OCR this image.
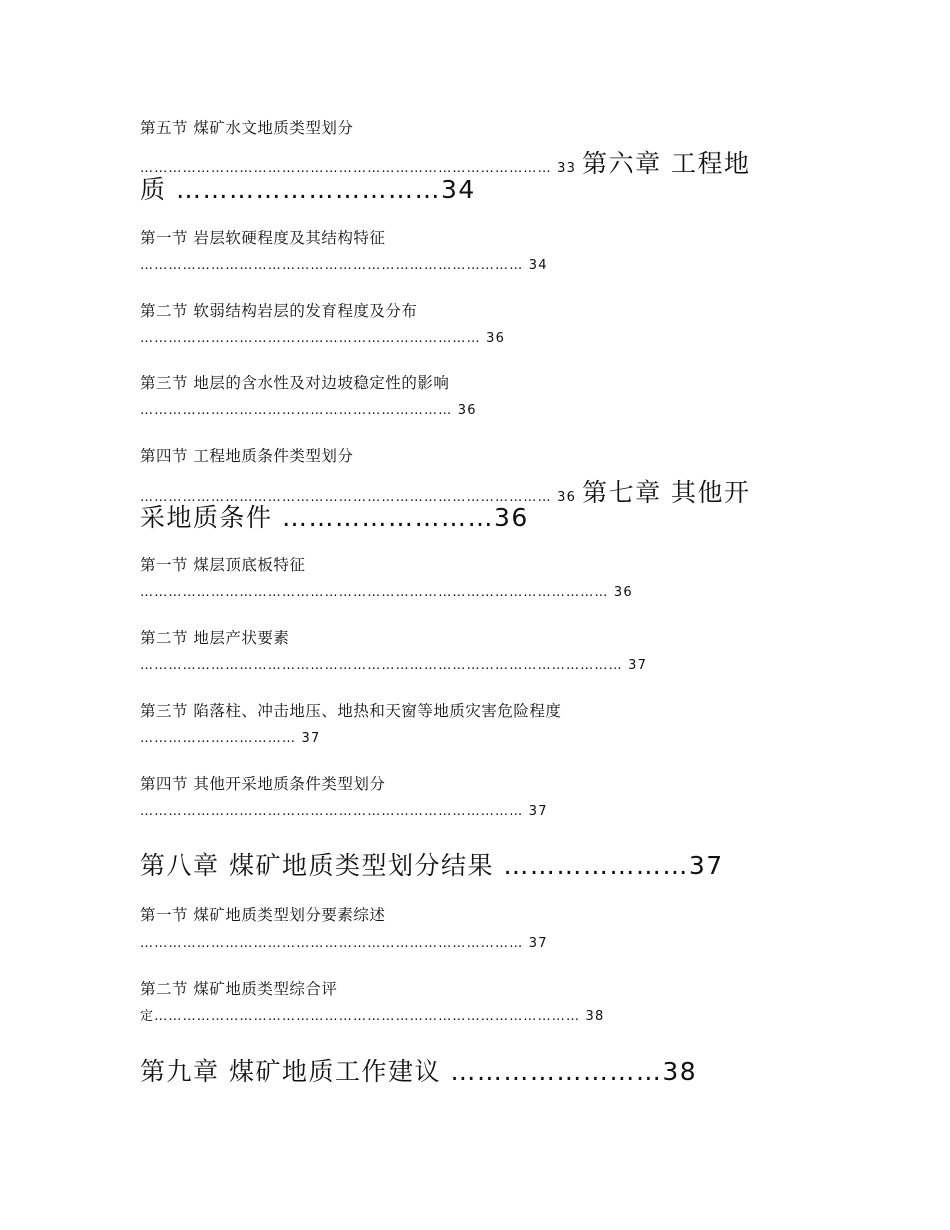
第五节 煤矿水文地质类型划分
…………………………………………………………………………… 33 第六章 工程地
质 …………………………34
第一节 岩层软硬程度及其结构特征
……………………………………………………………………… 34
第二节 软弱结构岩层的发育程度及分布
……………………………………………………………… 36
第三节 地层的含水性及对边坡稳定性的影响
………………………………………………………… 36
第四节 工程地质条件类型划分
…………………………………………………………………………… 36 第七章 其他开
采地质条件 ……………………36
第一节 煤层顶底板特征
……………………………………………………………………………………… 36
第二节 地层产状要素
………………………………………………………………………………………… 37
第三节 陷落柱、冲击地压、地热和天窗等地质灾害危险程度
…………………………… 37
第四节 其他开采地质条件类型划分
……………………………………………………………………… 37
第八章 煤矿地质类型划分结果 …………………37
第一节 煤矿地质类型划分要素综述
……………………………………………………………………… 37
第二节 煤矿地质类型综合评
定……………………………………………………………………………… 38
第九章 煤矿地质工作建议 ……………………38
